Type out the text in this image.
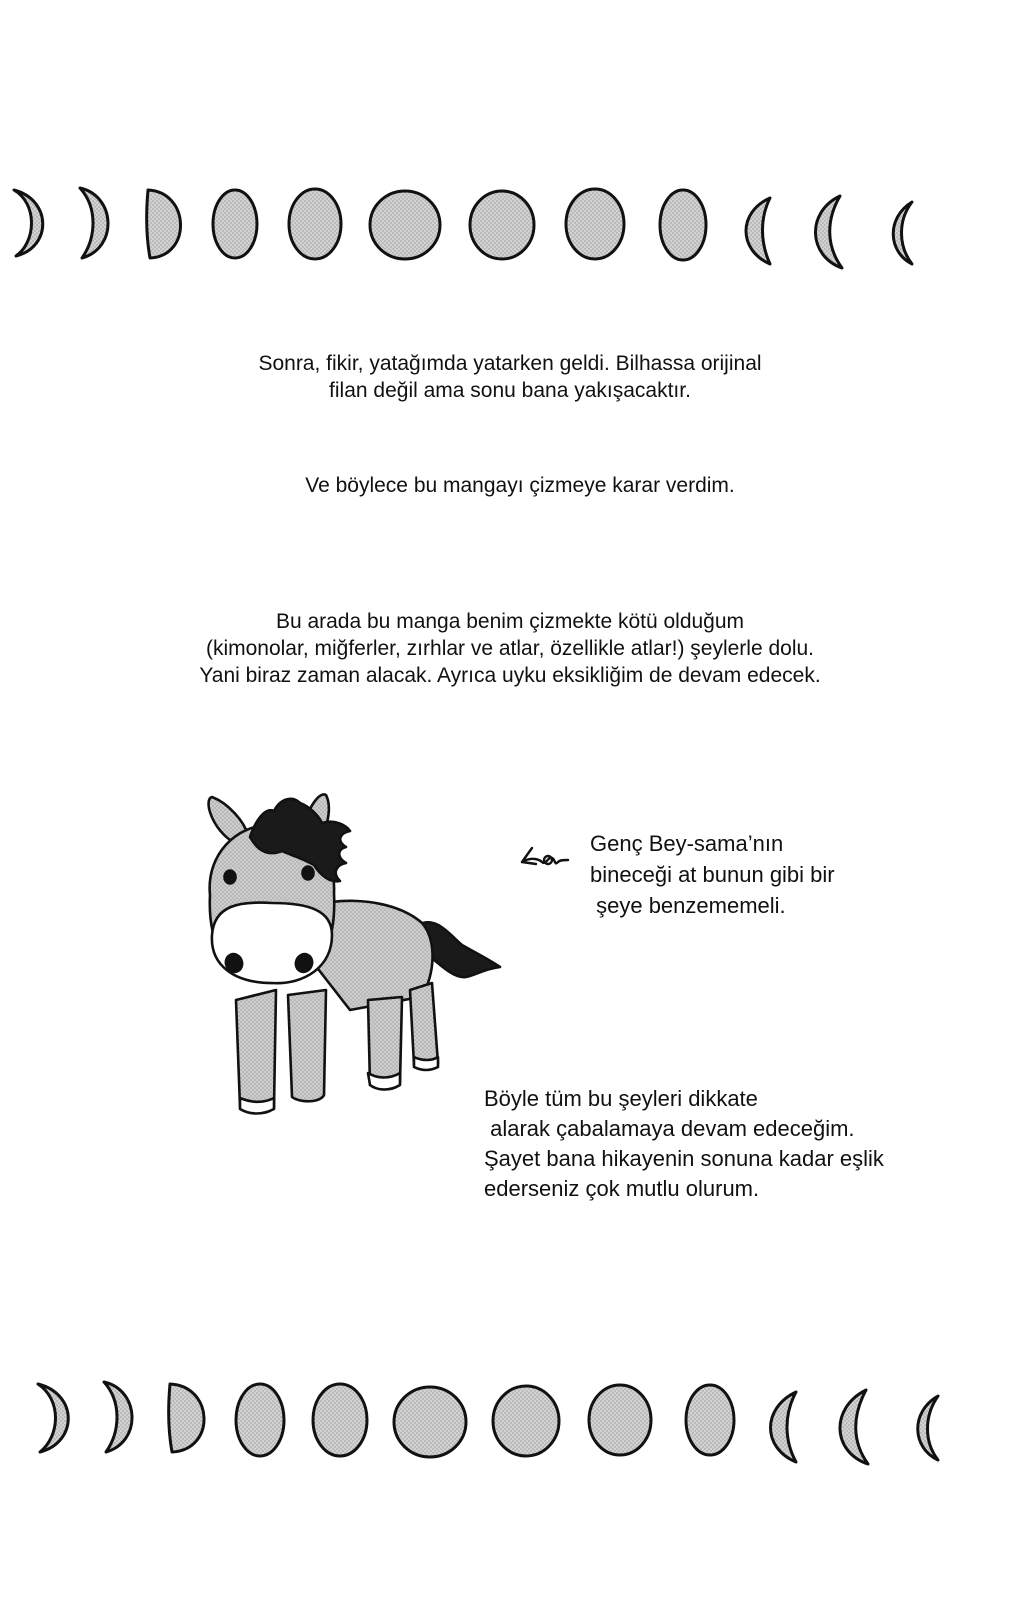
Sonra, fikir, yatağımda yatarken geldi. Bilhassa orijinal
filan değil ama sonu bana yakışacaktır.
Ve böylece bu mangayı çizmeye karar verdim.
Bu arada bu manga benim çizmekte kötü olduğum
(kimonolar, miğferler, zırhlar ve atlar, özellikle atlar!) şeylerle dolu.
Yani biraz zaman alacak. Ayrıca uyku eksikliğim de devam edecek.
Genç Bey-sama’nın
bineceği at bunun gibi bir
şeye benzememeli.
Böyle tüm bu şeyleri dikkate
alarak çabalamaya devam edeceğim.
Şayet bana hikayenin sonuna kadar eşlik
ederseniz çok mutlu olurum.
